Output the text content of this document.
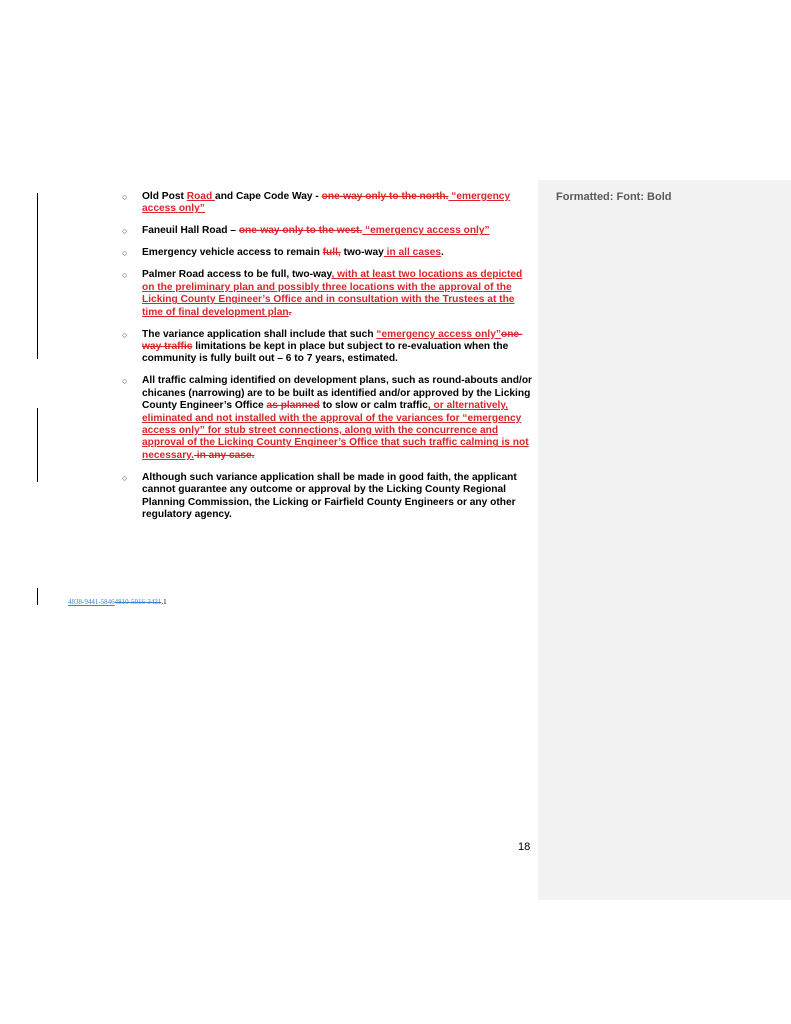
Formatted: Font: Bold
○ Old Post Road and Cape Code Way - one-way only to the north. “emergency access only”
○ Faneuil Hall Road – one-way only to the west. “emergency access only”
○ Emergency vehicle access to remain full, two-way in all cases.
○ Palmer Road access to be full, two-way, with at least two locations as depicted on the preliminary plan and possibly three locations with the approval of the Licking County Engineer’s Office and in consultation with the Trustees at the time of final development plan.
○ The variance application shall include that such “emergency access only”one-way traffic limitations be kept in place but subject to re-evaluation when the community is fully built out – 6 to 7 years, estimated.
○ All traffic calming identified on development plans, such as round-abouts and/or chicanes (narrowing) are to be built as identified and/or approved by the Licking County Engineer’s Office as planned to slow or calm traffic, or alternatively, eliminated and not installed with the approval of the variances for “emergency access only” for stub street connections, along with the concurrence and approval of the Licking County Engineer’s Office that such traffic calming is not necessary. in any case.
○ Although such variance application shall be made in good faith, the applicant cannot guarantee any outcome or approval by the Licking County Regional Planning Commission, the Licking or Fairfield County Engineers or any other regulatory agency.
4838-9441-58464810-5016-3421.1
18
